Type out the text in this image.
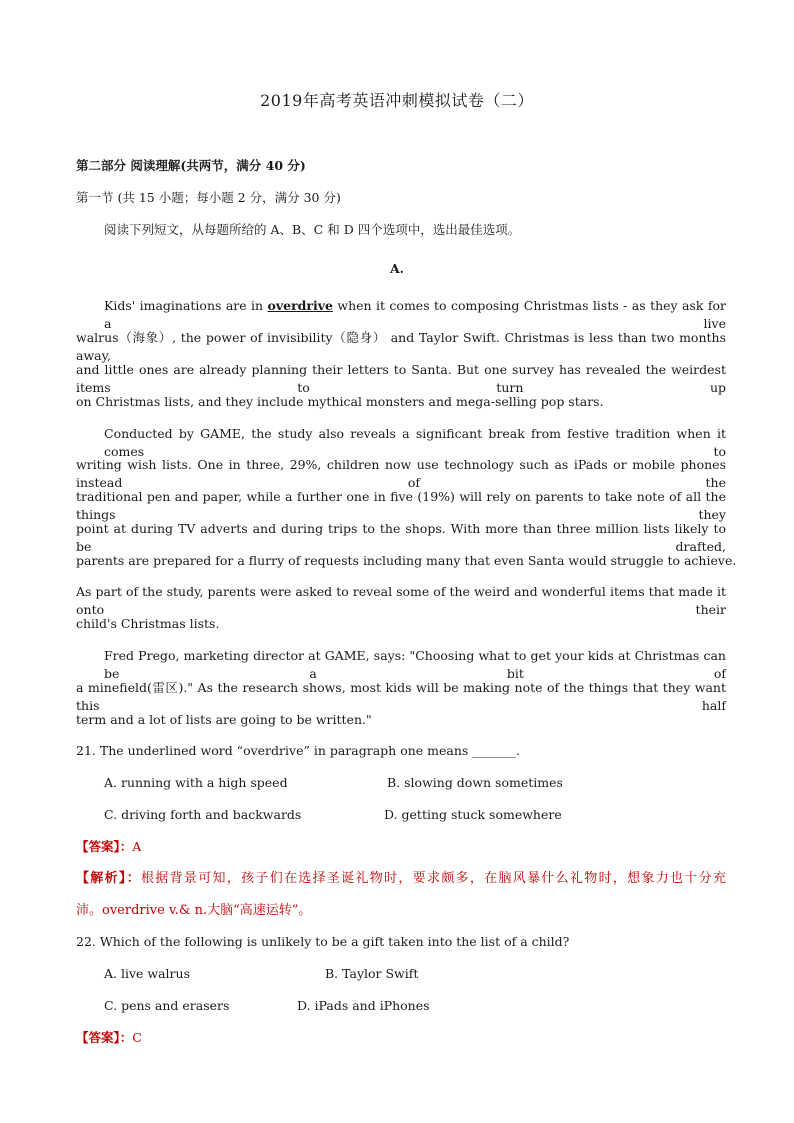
2019年高考英语冲刺模拟试卷（二）
第二部分 阅读理解(共两节，满分 40 分)
第一节 (共 15 小题；每小题 2 分，满分 30 分)
阅读下列短文，从每题所给的 A、B、C 和 D 四个选项中，选出最佳选项。
A.
Kids' imaginations are in overdrive when it comes to composing Christmas lists - as they ask for a live
walrus（海象）, the power of invisibility（隐身） and Taylor Swift. Christmas is less than two months away,
and little ones are already planning their letters to Santa. But one survey has revealed the weirdest items to turn up
on Christmas lists, and they include mythical monsters and mega-selling pop stars.
Conducted by GAME, the study also reveals a significant break from festive tradition when it comes to
writing wish lists. One in three, 29%, children now use technology such as iPads or mobile phones instead of the
traditional pen and paper, while a further one in five (19%) will rely on parents to take note of all the things they
point at during TV adverts and during trips to the shops. With more than three million lists likely to be drafted,
parents are prepared for a flurry of requests including many that even Santa would struggle to achieve.
As part of the study, parents were asked to reveal some of the weird and wonderful items that made it onto their
child's Christmas lists.
Fred Prego, marketing director at GAME, says: "Choosing what to get your kids at Christmas can be a bit of
a minefield(雷区)." As the research shows, most kids will be making note of the things that they want this half
term and a lot of lists are going to be written."
21. The underlined word “overdrive” in paragraph one means _______.
A. running with a high speed	B. slowing down sometimes
C. driving forth and backwards	D. getting stuck somewhere
【答案】：A
【解析】：根据背景可知，孩子们在选择圣诞礼物时，要求颇多，在脑风暴什么礼物时，想象力也十分充
沛。overdrive v.& n.大脑“高速运转”。
22. Which of the following is unlikely to be a gift taken into the list of a child?
A. live walrus	B. Taylor Swift
C. pens and erasers	D. iPads and iPhones
【答案】：C
